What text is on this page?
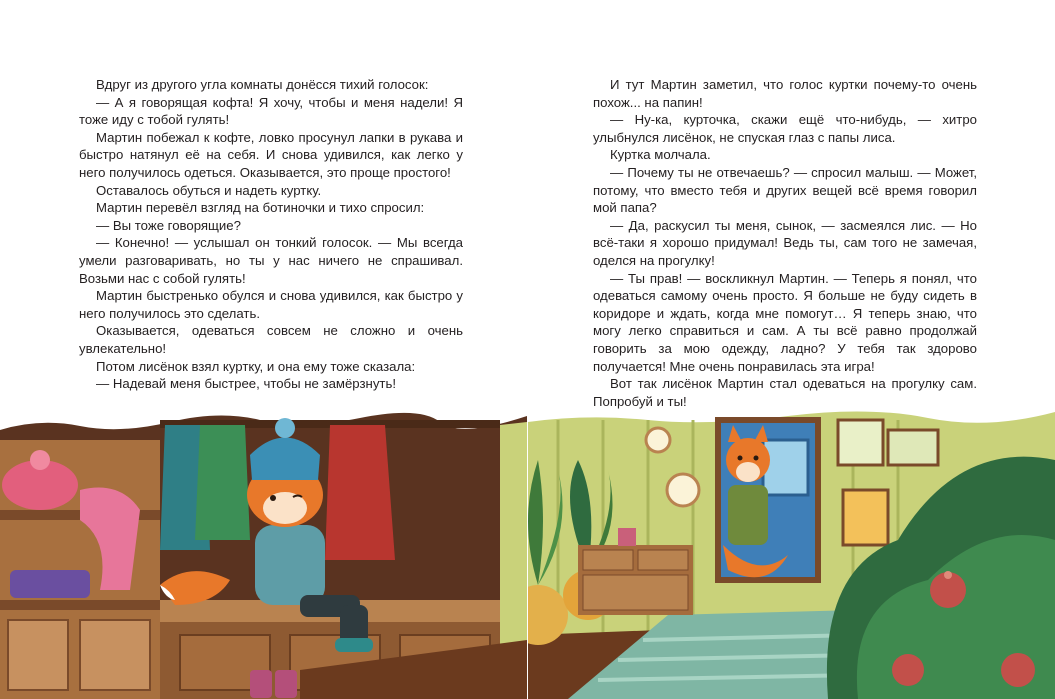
Вдруг из другого угла комнаты донёсся тихий голосок:

— А я говорящая кофта! Я хочу, чтобы и меня надели! Я тоже иду с тобой гулять!

Мартин побежал к кофте, ловко просунул лапки в рукава и быстро натянул её на себя. И снова удивился, как легко у него получилось одеться. Оказывается, это проще простого!

Оставалось обуться и надеть куртку.

Мартин перевёл взгляд на ботиночки и тихо спросил:

— Вы тоже говорящие?

— Конечно! — услышал он тонкий голосок. — Мы всегда умели разговаривать, но ты у нас ничего не спрашивал. Возьми нас с собой гулять!

Мартин быстренько обулся и снова удивился, как быстро у него получилось это сделать.

Оказывается, одеваться совсем не сложно и очень увлекательно!

Потом лисёнок взял куртку, и она ему тоже сказала:

— Надевай меня быстрее, чтобы не замёрзнуть!

И тут Мартин заметил, что голос куртки почему-то очень похож... на папин!

— Ну-ка, курточка, скажи ещё что-нибудь, — хитро улыбнулся лисёнок, не спуская глаз с папы лиса.

Куртка молчала.

— Почему ты не отвечаешь? — спросил малыш. — Может, потому, что вместо тебя и других вещей всё время говорил мой папа?

— Да, раскусил ты меня, сынок, — засмеялся лис. — Но всё-таки я хорошо придумал! Ведь ты, сам того не замечая, оделся на прогулку!

— Ты прав! — воскликнул Мартин. — Теперь я понял, что одеваться самому очень просто. Я больше не буду сидеть в коридоре и ждать, когда мне помогут… Я теперь знаю, что могу легко справиться и сам. А ты всё равно продолжай говорить за мою одежду, ладно? У тебя так здорово получается! Мне очень понравилась эта игра!

Вот так лисёнок Мартин стал одеваться на прогулку сам. Попробуй и ты!
